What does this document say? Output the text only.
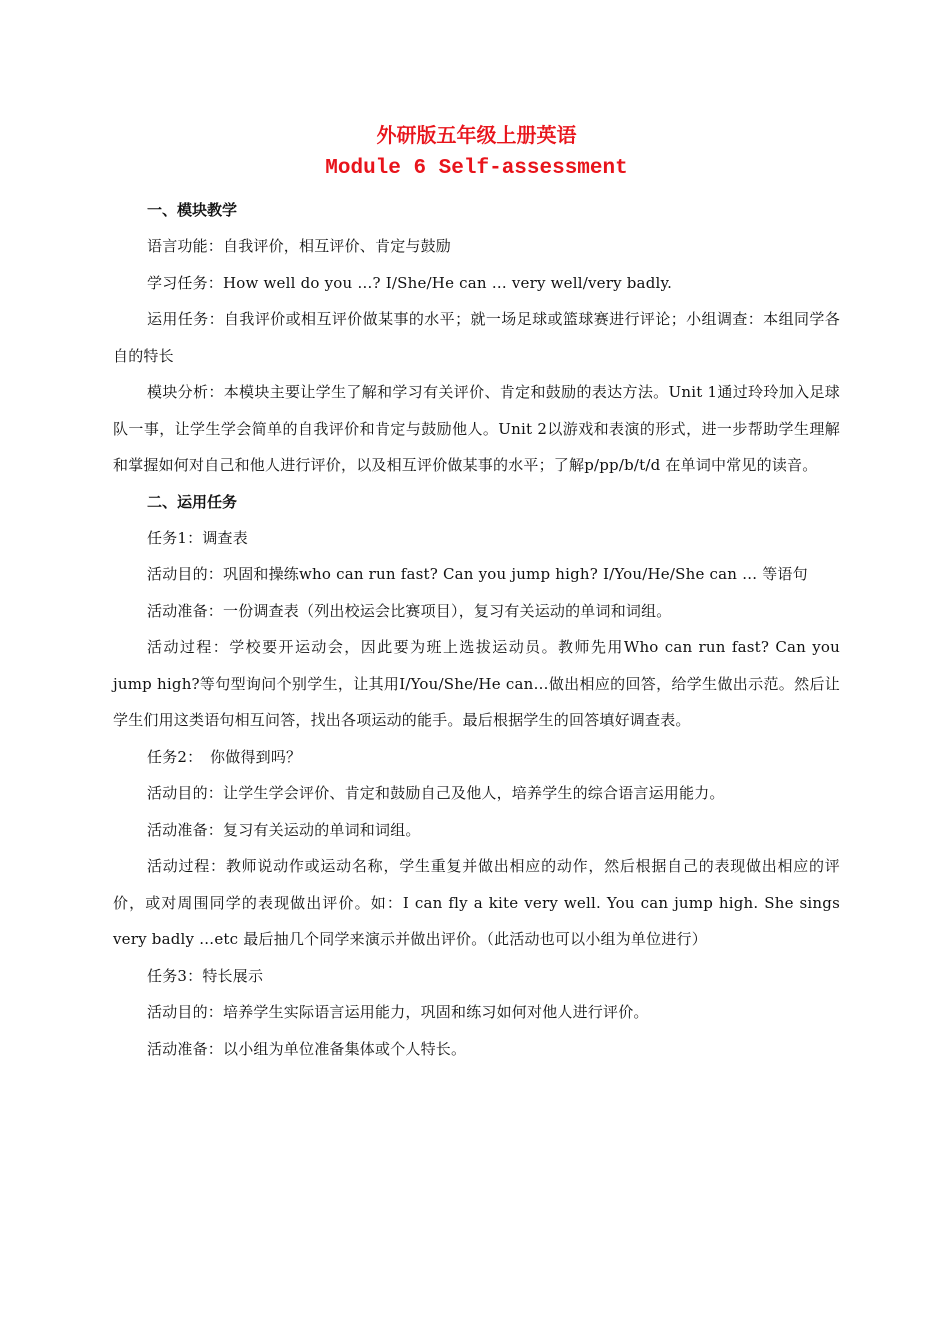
外研版五年级上册英语

Module 6 Self-assessment

一、模块教学

语言功能：自我评价，相互评价、肯定与鼓励

学习任务：How well do you …? I/She/He can … very well/very badly.

运用任务：自我评价或相互评价做某事的水平；就一场足球或篮球赛进行评论；小组调查：本组同学各自的特长

模块分析：本模块主要让学生了解和学习有关评价、肯定和鼓励的表达方法。Unit 1通过玲玲加入足球队一事，让学生学会简单的自我评价和肯定与鼓励他人。Unit 2以游戏和表演的形式，进一步帮助学生理解和掌握如何对自己和他人进行评价，以及相互评价做某事的水平；了解p/pp/b/t/d 在单词中常见的读音。

二、运用任务

任务1：调查表

活动目的：巩固和操练who can run fast? Can you jump high? I/You/He/She can … 等语句

活动准备：一份调查表（列出校运会比赛项目），复习有关运动的单词和词组。

活动过程：学校要开运动会，因此要为班上选拔运动员。教师先用Who can run fast? Can you jump high?等句型询问个别学生，让其用I/You/She/He can…做出相应的回答，给学生做出示范。然后让学生们用这类语句相互问答，找出各项运动的能手。最后根据学生的回答填好调查表。

任务2：　你做得到吗？

活动目的：让学生学会评价、肯定和鼓励自己及他人，培养学生的综合语言运用能力。

活动准备：复习有关运动的单词和词组。

活动过程：教师说动作或运动名称，学生重复并做出相应的动作，然后根据自己的表现做出相应的评价，或对周围同学的表现做出评价。如：I can fly a kite very well. You can jump high. She sings very badly …etc 最后抽几个同学来演示并做出评价。（此活动也可以小组为单位进行）

任务3：特长展示

活动目的：培养学生实际语言运用能力，巩固和练习如何对他人进行评价。

活动准备：以小组为单位准备集体或个人特长。
